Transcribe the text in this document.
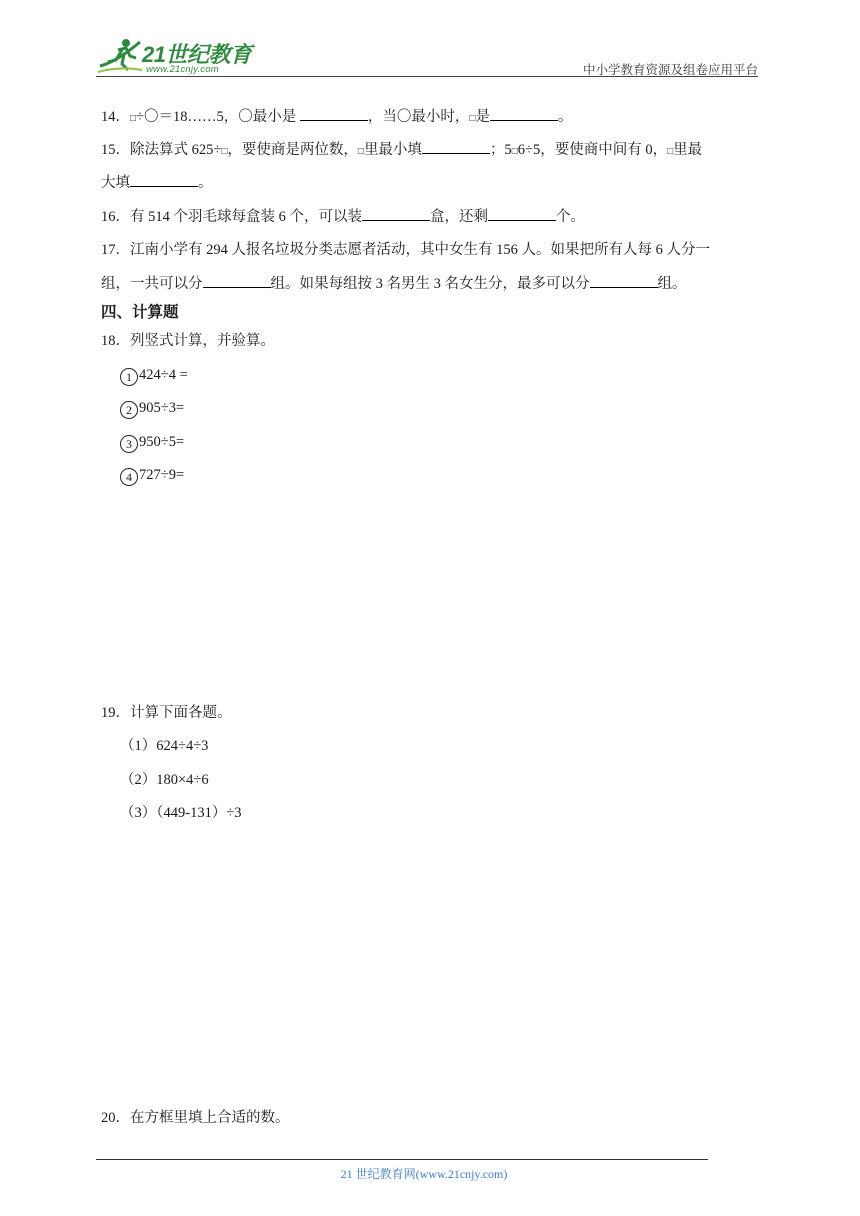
21世纪教育
www.21cnjy.com	中小学教育资源及组卷应用平台
14．□÷〇＝18……5，〇最小是	，当〇最小时，□是	。
15．除法算式 625÷□，要使商是两位数，□里最小填	；5□6÷5，要使商中间有 0，□里最
大填	。
16．有 514 个羽毛球每盒装 6 个，可以装	盒，还剩	个。
17．江南小学有 294 人报名垃圾分类志愿者活动，其中女生有 156 人。如果把所有人每 6 人分一
组，一共可以分	组。如果每组按 3 名男生 3 名女生分，最多可以分	组。
四、计算题
18．列竖式计算，并验算。
1 424÷4 =
2 905÷3=
3 950÷5=
4 727÷9=
19．计算下面各题。
（1）624÷4÷3
（2）180×4÷6
（3）（449-131）÷3
20．在方框里填上合适的数。
21 世纪教育网(www.21cnjy.com)
